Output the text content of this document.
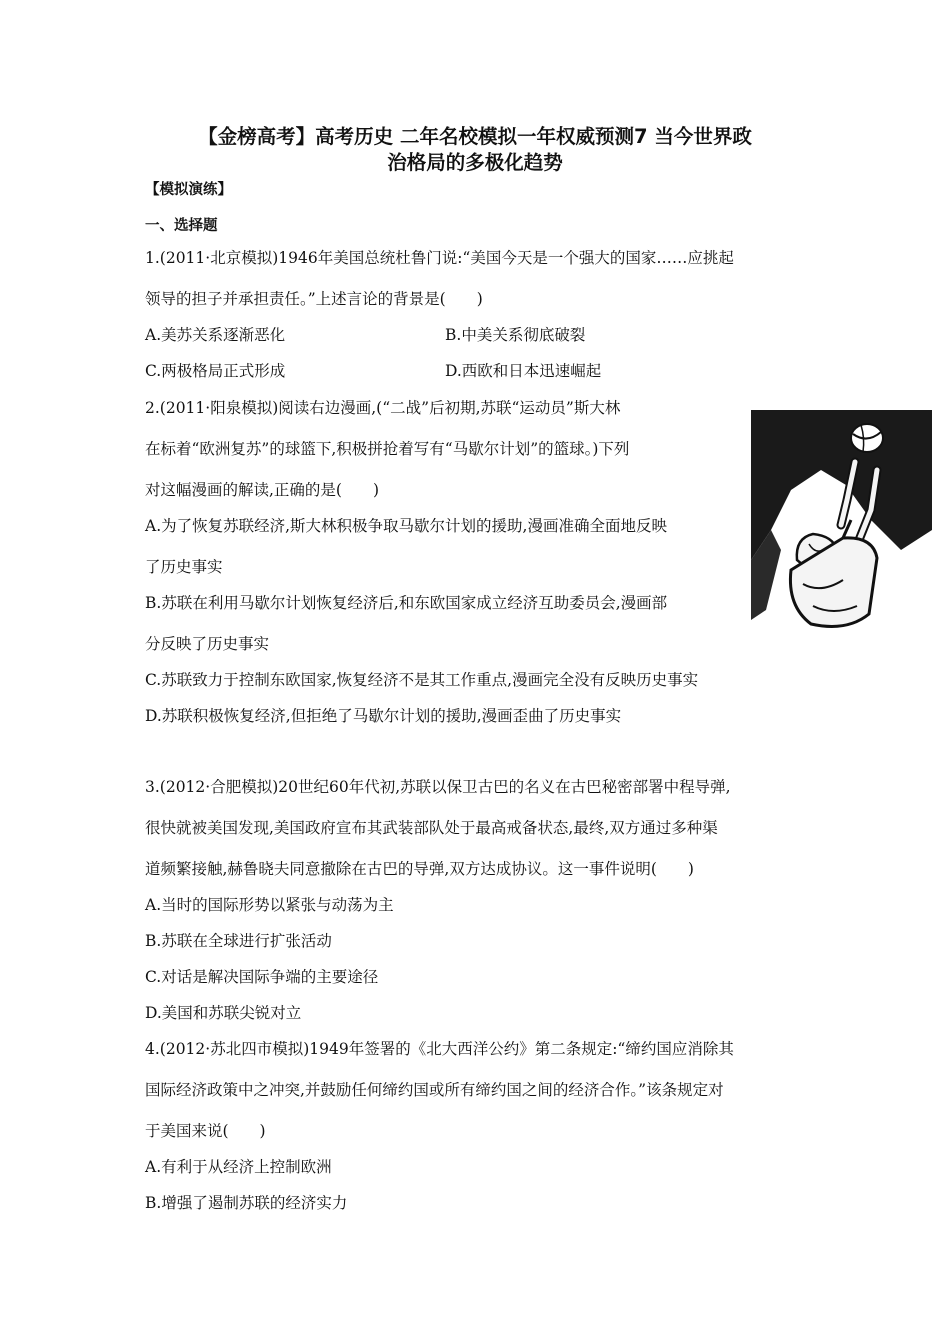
【金榜高考】高考历史 二年名校模拟一年权威预测7 当今世界政
治格局的多极化趋势
【模拟演练】
一、选择题
1.(2011·北京模拟)1946年美国总统杜鲁门说:“美国今天是一个强大的国家……应挑起
领导的担子并承担责任。”上述言论的背景是(　　)
A.美苏关系逐渐恶化	B.中美关系彻底破裂
C.两极格局正式形成	D.西欧和日本迅速崛起
2.(2011·阳泉模拟)阅读右边漫画,(“二战”后初期,苏联“运动员”斯大林
在标着“欧洲复苏”的球篮下,积极拼抢着写有“马歇尔计划”的篮球。)下列
对这幅漫画的解读,正确的是(　　)
A.为了恢复苏联经济,斯大林积极争取马歇尔计划的援助,漫画准确全面地反映
了历史事实
B.苏联在利用马歇尔计划恢复经济后,和东欧国家成立经济互助委员会,漫画部
分反映了历史事实
C.苏联致力于控制东欧国家,恢复经济不是其工作重点,漫画完全没有反映历史事实
D.苏联积极恢复经济,但拒绝了马歇尔计划的援助,漫画歪曲了历史事实
3.(2012·合肥模拟)20世纪60年代初,苏联以保卫古巴的名义在古巴秘密部署中程导弹,
很快就被美国发现,美国政府宣布其武装部队处于最高戒备状态,最终,双方通过多种渠
道频繁接触,赫鲁晓夫同意撤除在古巴的导弹,双方达成协议。这一事件说明(　　)
A.当时的国际形势以紧张与动荡为主
B.苏联在全球进行扩张活动
C.对话是解决国际争端的主要途径
D.美国和苏联尖锐对立
4.(2012·苏北四市模拟)1949年签署的《北大西洋公约》第二条规定:“缔约国应消除其
国际经济政策中之冲突,并鼓励任何缔约国或所有缔约国之间的经济合作。”该条规定对
于美国来说(　　)
A.有利于从经济上控制欧洲
B.增强了遏制苏联的经济实力
